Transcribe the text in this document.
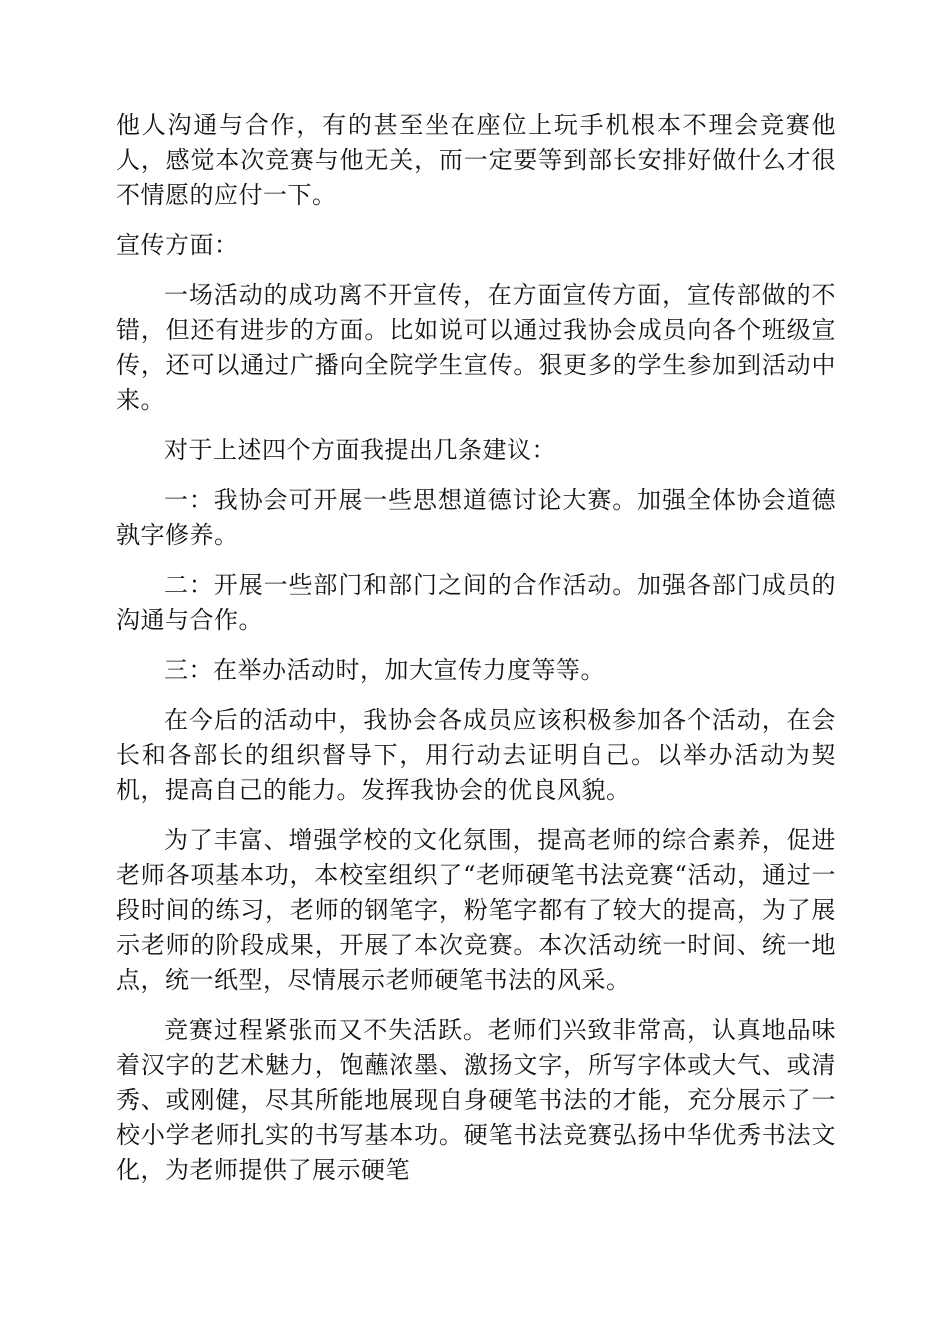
他人沟通与合作，有的甚至坐在座位上玩手机根本不理会竞赛他人，感觉本次竞赛与他无关，而一定要等到部长安排好做什么才很不情愿的应付一下。

宣传方面：

一场活动的成功离不开宣传，在方面宣传方面，宣传部做的不错，但还有进步的方面。比如说可以通过我协会成员向各个班级宣传，还可以通过广播向全院学生宣传。狠更多的学生参加到活动中来。

对于上述四个方面我提出几条建议：

一：我协会可开展一些思想道德讨论大赛。加强全体协会道德孰字修养。

二：开展一些部门和部门之间的合作活动。加强各部门成员的沟通与合作。

三：在举办活动时，加大宣传力度等等。

在今后的活动中，我协会各成员应该积极参加各个活动，在会长和各部长的组织督导下，用行动去证明自己。以举办活动为契机，提高自己的能力。发挥我协会的优良风貌。

为了丰富、增强学校的文化氛围，提高老师的综合素养，促进老师各项基本功，本校室组织了“老师硬笔书法竞赛“活动，通过一段时间的练习，老师的钢笔字，粉笔字都有了较大的提高，为了展示老师的阶段成果，开展了本次竞赛。本次活动统一时间、统一地点，统一纸型，尽情展示老师硬笔书法的风采。

竞赛过程紧张而又不失活跃。老师们兴致非常高，认真地品味着汉字的艺术魅力，饱蘸浓墨、激扬文字，所写字体或大气、或清秀、或刚健，尽其所能地展现自身硬笔书法的才能，充分展示了一校小学老师扎实的书写基本功。硬笔书法竞赛弘扬中华优秀书法文化，为老师提供了展示硬笔
